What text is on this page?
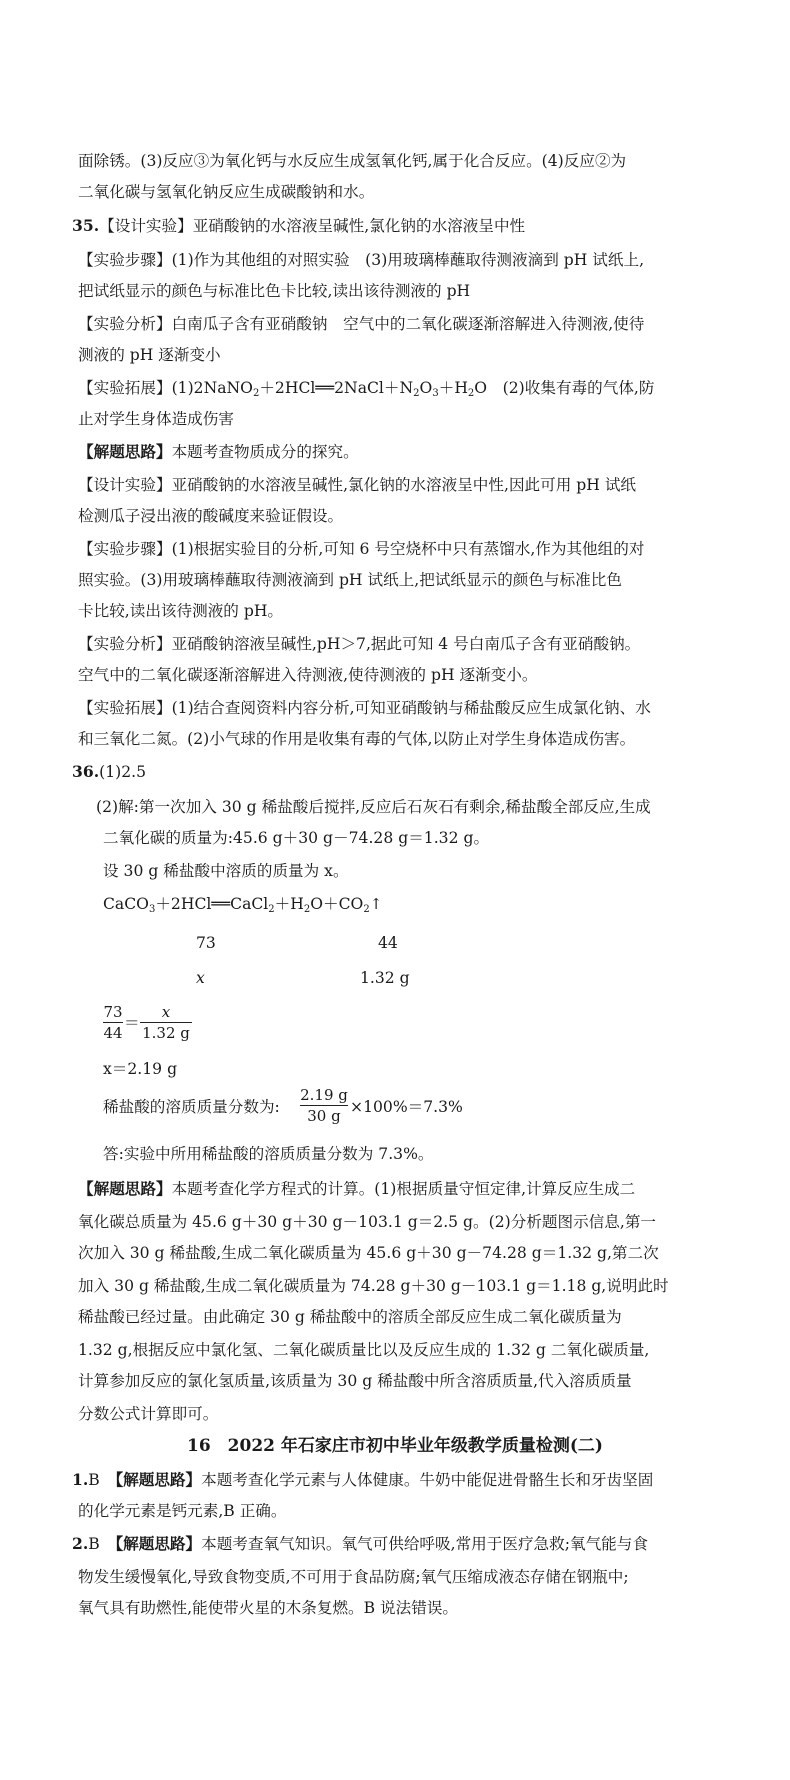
面除锈。(3)反应③为氧化钙与水反应生成氢氧化钙,属于化合反应。(4)反应②为
二氧化碳与氢氧化钠反应生成碳酸钠和水。
35.【设计实验】亚硝酸钠的水溶液呈碱性,氯化钠的水溶液呈中性
【实验步骤】(1)作为其他组的对照实验　(3)用玻璃棒蘸取待测液滴到 pH 试纸上,
把试纸显示的颜色与标准比色卡比较,读出该待测液的 pH
【实验分析】白南瓜子含有亚硝酸钠　空气中的二氧化碳逐渐溶解进入待测液,使待
测液的 pH 逐渐变小
【实验拓展】$(1)2NaNO_2+2HCl══2NaCl+N_2O_3+H_2O$　(2)收集有毒的气体,防
止对学生身体造成伤害
【解题思路】本题考查物质成分的探究。
【设计实验】亚硝酸钠的水溶液呈碱性,氯化钠的水溶液呈中性,因此可用 pH 试纸
检测瓜子浸出液的酸碱度来验证假设。
【实验步骤】(1)根据实验目的分析,可知 6 号空烧杯中只有蒸馏水,作为其他组的对
照实验。(3)用玻璃棒蘸取待测液滴到 pH 试纸上,把试纸显示的颜色与标准比色
卡比较,读出该待测液的 pH。
【实验分析】亚硝酸钠溶液呈碱性,pH＞7,据此可知 4 号白南瓜子含有亚硝酸钠。
空气中的二氧化碳逐渐溶解进入待测液,使待测液的 pH 逐渐变小。
【实验拓展】(1)结合查阅资料内容分析,可知亚硝酸钠与稀盐酸反应生成氯化钠、水
和三氧化二氮。(2)小气球的作用是收集有毒的气体,以防止对学生身体造成伤害。
36.(1)2.5
(2)解:第一次加入 30 g 稀盐酸后搅拌,反应后石灰石有剩余,稀盐酸全部反应,生成
二氧化碳的质量为:45.6 g＋30 g－74.28 g＝1.32 g。
设 30 g 稀盐酸中溶质的质量为 x。
$CaCO_3+2HCl══CaCl_2+H_2O+CO_2↑$
73	44
x	1.32 g
73
44
＝
x
1.32 g
x＝2.19 g
稀盐酸的溶质质量分数为:
2.19 g
30 g ×100%＝7.3%
答:实验中所用稀盐酸的溶质质量分数为 7.3%。
【解题思路】本题考查化学方程式的计算。(1)根据质量守恒定律,计算反应生成二
氧化碳总质量为 45.6 g＋30 g＋30 g－103.1 g＝2.5 g。(2)分析题图示信息,第一
次加入 30 g 稀盐酸,生成二氧化碳质量为 45.6 g＋30 g－74.28 g＝1.32 g,第二次
加入 30 g 稀盐酸,生成二氧化碳质量为 74.28 g＋30 g－103.1 g＝1.18 g,说明此时
稀盐酸已经过量。由此确定 30 g 稀盐酸中的溶质全部反应生成二氧化碳质量为
1.32 g,根据反应中氯化氢、二氧化碳质量比以及反应生成的 1.32 g 二氧化碳质量,
计算参加反应的氯化氢质量,该质量为 30 g 稀盐酸中所含溶质质量,代入溶质质量
分数公式计算即可。
16　2022 年石家庄市初中毕业年级教学质量检测(二)
1.B　【解题思路】本题考查化学元素与人体健康。牛奶中能促进骨骼生长和牙齿坚固
的化学元素是钙元素,B 正确。
2.B　【解题思路】本题考查氧气知识。氧气可供给呼吸,常用于医疗急救;氧气能与食
物发生缓慢氧化,导致食物变质,不可用于食品防腐;氧气压缩成液态存储在钢瓶中;
氧气具有助燃性,能使带火星的木条复燃。B 说法错误。
